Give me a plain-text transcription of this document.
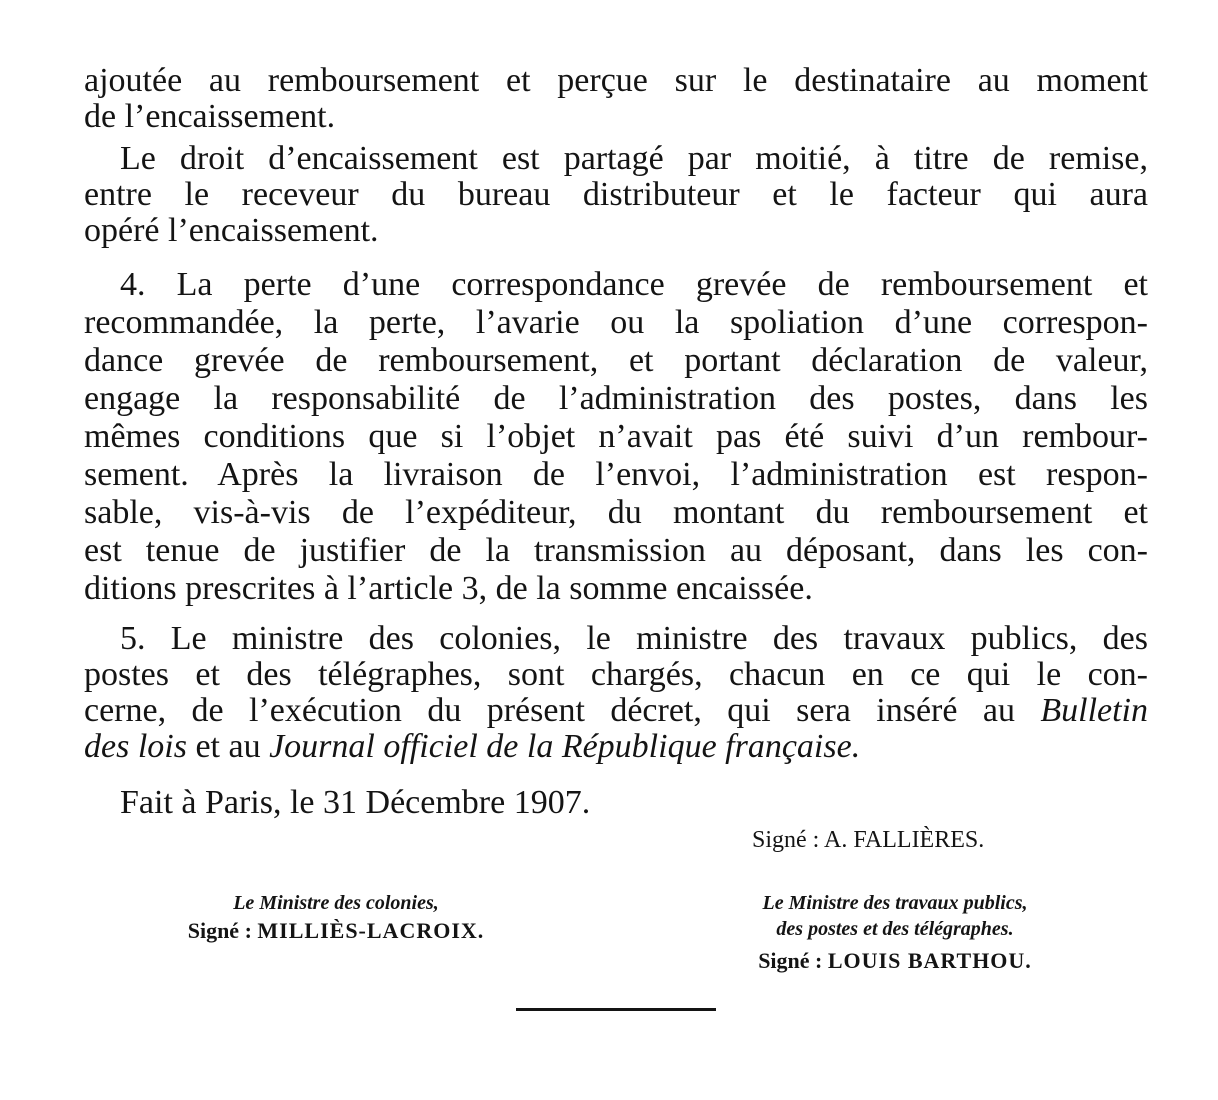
ajoutée au remboursement et perçue sur le destinataire au moment
de l’encaissement.
Le droit d’encaissement est partagé par moitié, à titre de remise,
entre le receveur du bureau distributeur et le facteur qui aura
opéré l’encaissement.
4. La perte d’une correspondance grevée de remboursement et
recommandée, la perte, l’avarie ou la spoliation d’une correspon-
dance grevée de remboursement, et portant déclaration de valeur,
engage la responsabilité de l’administration des postes, dans les
mêmes conditions que si l’objet n’avait pas été suivi d’un rembour-
sement. Après la livraison de l’envoi, l’administration est respon-
sable, vis-à-vis de l’expéditeur, du montant du remboursement et
est tenue de justifier de la transmission au déposant, dans les con-
ditions prescrites à l’article 3, de la somme encaissée.
5. Le ministre des colonies, le ministre des travaux publics, des
postes et des télégraphes, sont chargés, chacun en ce qui le con-
cerne, de l’exécution du présent décret, qui sera inséré au Bulletin
des lois et au Journal officiel de la République française.
Fait à Paris, le 31 Décembre 1907.
Signé : A. FALLIÈRES.
Le Ministre des colonies,
Signé : MILLIÈS-LACROIX.
Le Ministre des travaux publics,
des postes et des télégraphes.
Signé : LOUIS BARTHOU.
